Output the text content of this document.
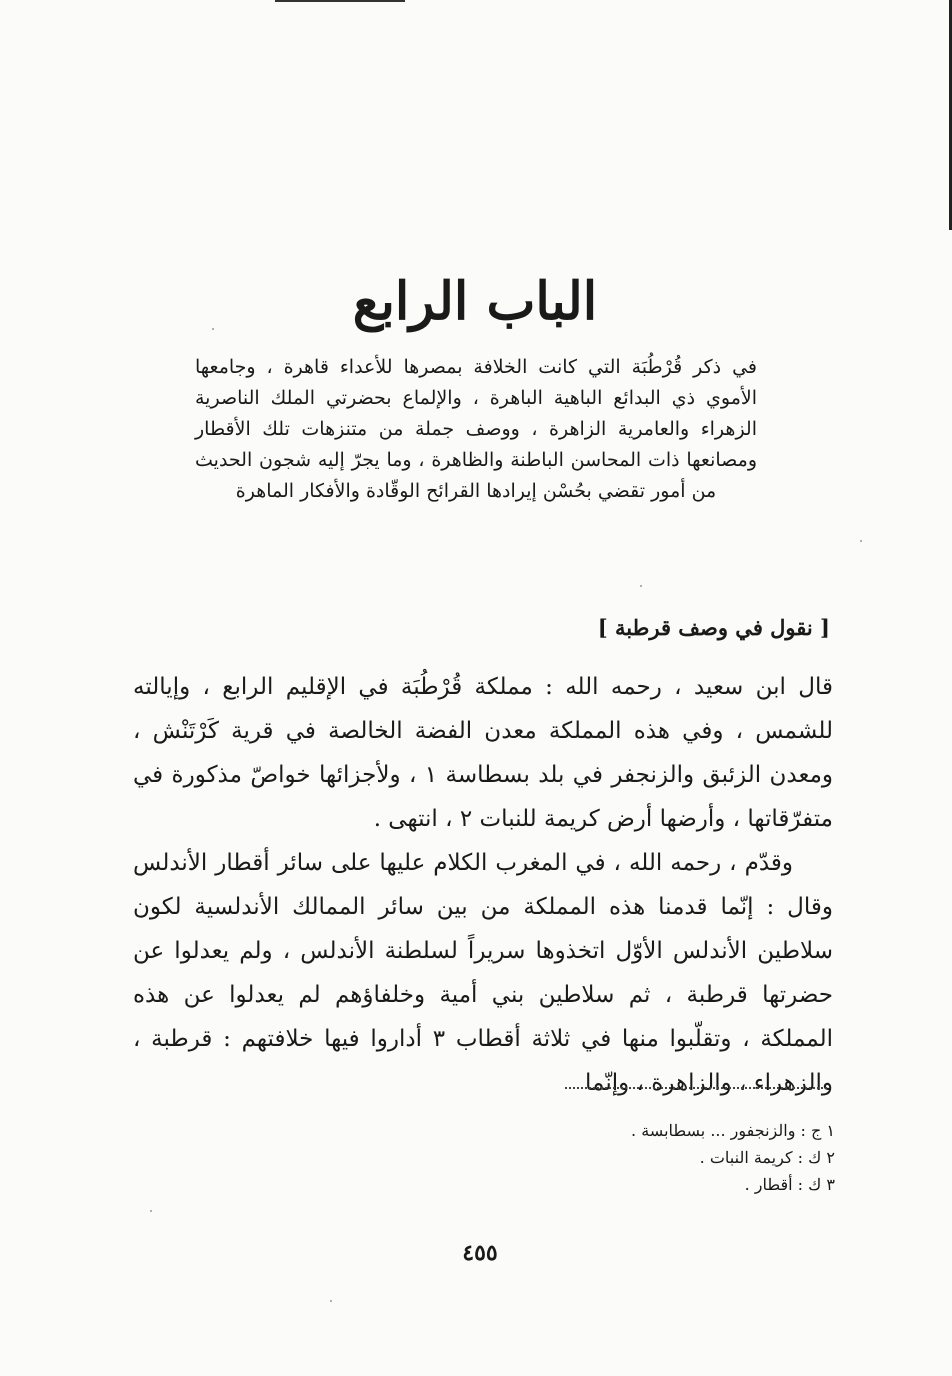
الباب الرابع
في ذكر قُرْطُبَة التي كانت الخلافة بمصرها للأعداء قاهرة ، وجامعها الأموي ذي البدائع الباهية الباهرة ، والإلماع بحضرتي الملك الناصرية الزهراء والعامرية الزاهرة ، ووصف جملة من متنزهات تلك الأقطار ومصانعها ذات المحاسن الباطنة والظاهرة ، وما يجرّ إليه شجون الحديث من أمور تقضي بحُسْن إيرادها القرائح الوقّادة والأفكار الماهرة
[ نقول في وصف قرطبة ]

قال ابن سعيد ، رحمه الله : مملكة قُرْطُبَة في الإقليم الرابع ، وإيالته للشمس ، وفي هذه المملكة معدن الفضة الخالصة في قرية كَرْتَنْش ، ومعدن الزئبق والزنجفر في بلد بسطاسة ١ ، ولأجزائها خواصّ مذكورة في متفرّقاتها ، وأرضها أرض كريمة للنبات ٢ ، انتهى .

وقدّم ، رحمه الله ، في المغرب الكلام عليها على سائر أقطار الأندلس وقال : إنّما قدمنا هذه المملكة من بين سائر الممالك الأندلسية لكون سلاطين الأندلس الأوّل اتخذوها سريراً لسلطنة الأندلس ، ولم يعدلوا عن حضرتها قرطبة ، ثم سلاطين بني أمية وخلفاؤهم لم يعدلوا عن هذه المملكة ، وتقلّبوا منها في ثلاثة أقطاب ٣ أداروا فيها خلافتهم : قرطبة ، والزهراء ، والزاهرة ، وإنّما

١ ج : والزنجفور ... بسطابسة .
٢ ك : كريمة النبات .
٣ ك : أقطار .
٤٥٥
